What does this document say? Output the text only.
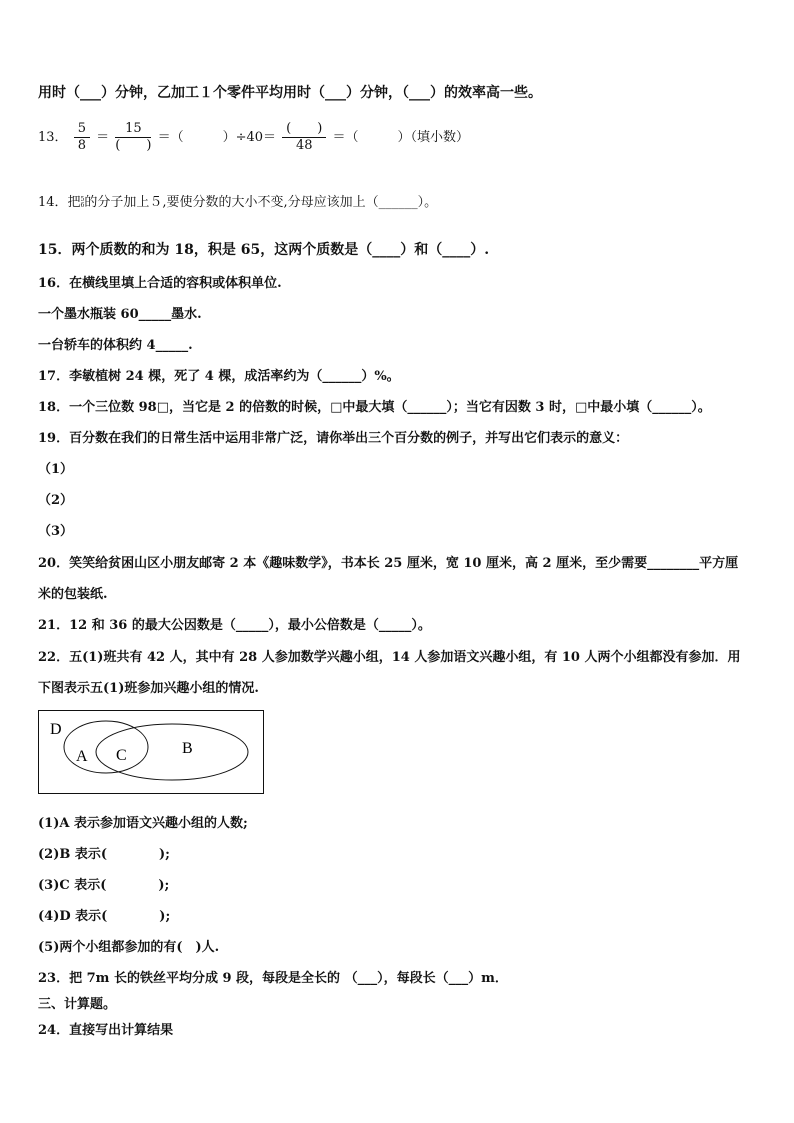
用时（___）分钟，乙加工１个零件平均用时（___）分钟，（___）的效率高一些。
13． $\frac{5}{8} = \frac{15}{( )}$ ＝（　　　）$\div 40= \frac{( )}{48}$ ＝（　　　）（填小数）
14．把 5
6 的分子加上５,要使分数的大小不变,分母应该加上（______）。
15．两个质数的和为 18，积是 65，这两个质数是（____）和（____）.
16．在横线里填上合适的容积或体积单位.
一个墨水瓶装 60_____墨水.
一台轿车的体积约 4_____.
17．李敏植树 24 棵，死了 4 棵，成活率约为（______）%。
18．一个三位数 98□，当它是 2 的倍数的时候，□中最大填（______）；当它有因数 3 时，□中最小填（______）。
19．百分数在我们的日常生活中运用非常广泛，请你举出三个百分数的例子，并写出它们表示的意义：
（1）
（2）
（3）
20．笑笑给贫困山区小朋友邮寄 2 本《趣味数学》，书本长 25 厘米，宽 10 厘米，高 2 厘米，至少需要________平方厘
米的包装纸.
21．12 和 36 的最大公因数是（_____），最小公倍数是（_____）。
22．五(1)班共有 42 人，其中有 28 人参加数学兴趣小组，14 人参加语文兴趣小组，有 10 人两个小组都没有参加．用
下图表示五(1)班参加兴趣小组的情况.
D
A C	B
(1)A 表示参加语文兴趣小组的人数;
(2)B 表示(　　　　);
(3)C 表示(　　　　);
(4)D 表示(　　　　);
(5)两个小组都参加的有(　)人.
23．把 7m 长的铁丝平均分成 9 段，每段是全长的 （___），每段长（___）m．
三、计算题。
24．直接写出计算结果
